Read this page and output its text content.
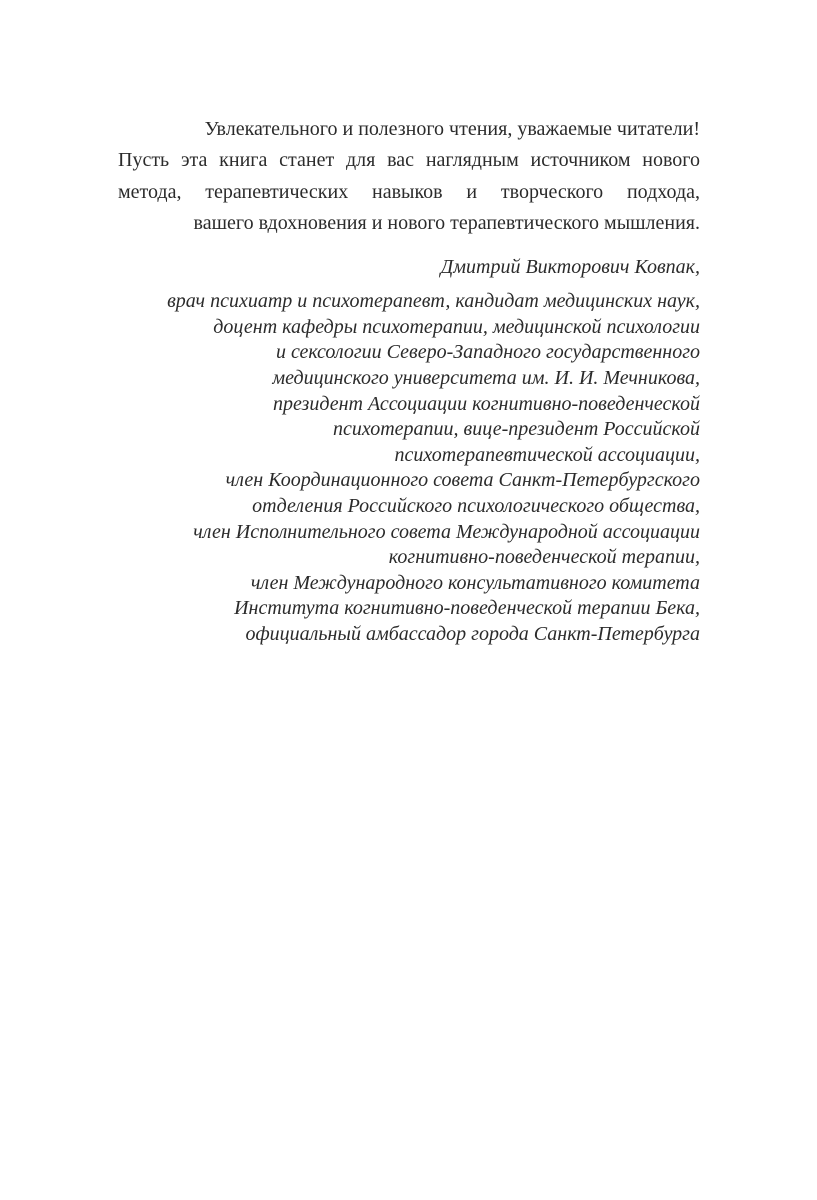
Увлекательного и полезного чтения, уважаемые читатели!
Пусть эта книга станет для вас наглядным источником нового
метода, терапевтических навыков и творческого подхода,
вашего вдохновения и нового терапевтического мышления.

Дмитрий Викторович Ковпак,
врач психиатр и психотерапевт, кандидат медицинских наук,
доцент кафедры психотерапии, медицинской психологии
и сексологии Северо-Западного государственного
медицинского университета им. И. И. Мечникова,
президент Ассоциации когнитивно-поведенческой
психотерапии, вице-президент Российской
психотерапевтической ассоциации,
член Координационного совета Санкт-Петербургского
отделения Российского психологического общества,
член Исполнительного совета Международной ассоциации
когнитивно-поведенческой терапии,
член Международного консультативного комитета
Института когнитивно-поведенческой терапии Бека,
официальный амбассадор города Санкт-Петербурга
